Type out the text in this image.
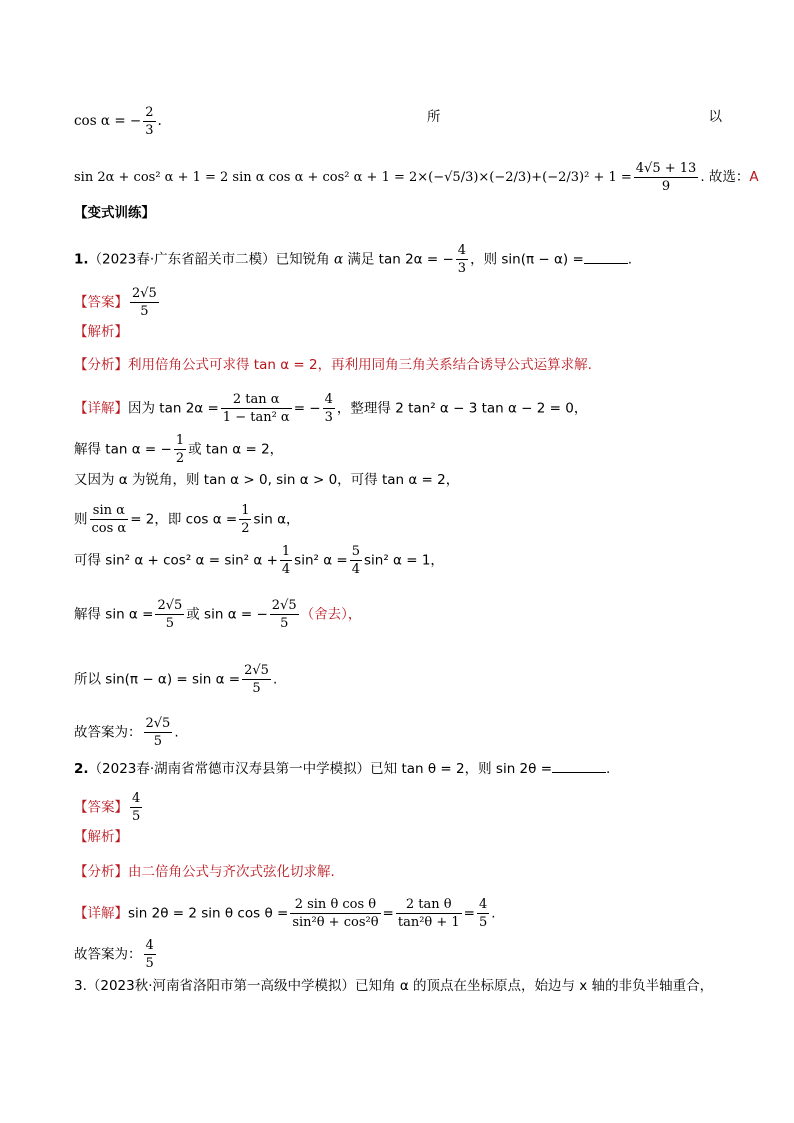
cos α = − $\frac{2}{3}$ .	所	以
sin 2α + cos² α + 1 = 2 sin α cos α + cos² $\alpha + 1 = 2\times(-√5/3)\times(-2/3)+(-2/3)^2 + 1 = \frac{4√5 + 13}{9}$ . 故选：A
【变式训练】
1.（2023春·广东省韶关市二模）已知锐角 α 满足 tan 2α = − $\frac{4}{3}$ ，则 sin(π − α) =	.
【答案】 $\frac{2√5}{5}$
【解析】
【分析】利用倍角公式可求得 tan α = 2，再利用同角三角关系结合诱导公式运算求解.
【详解】因为 $\tan 2\alpha = \frac{\text{2 tan α}}{\text{1 − tan² α}}$ = − $\frac{4}{3}$ ，整理得 2 tan² α − 3 tan α − 2 = 0，
解得 tan α = − $\frac{1}{2}$ 或 tan α = 2，
又因为 α 为锐角，则 tan α > 0, sin α > 0，可得 tan α = 2，
则 $\frac{\text{sin α}}{\text{cos α}} = 2$，即 $\cos \alpha = \frac{1}{2}$ sin α，
可得 sin² α + cos² α = sin² $\alpha + \frac{1}{4} \sin^2$ $\alpha = \frac{5}{4} \sin^2$ α = 1，
解得 $\sin \alpha = \frac{2√5}{5}$ 或 sin α = − $\frac{2√5}{5}$ （舍去），
所以 $\sin(\pi - \alpha) = \sin \alpha = \frac{2√5}{5}$ .
故答案为： $\frac{2√5}{5}$ .
2.（2023春·湖南省常德市汉寿县第一中学模拟）已知 tan θ = 2，则 sin 2θ =	.
【答案】 $\frac{4}{5}$
【解析】
【分析】由二倍角公式与齐次式弦化切求解．
【详解】sin 2θ = 2 sin θ $\cos \theta = \frac{\text{2 sin θ cos θ}}{\text{sin²θ + cos²θ}} = \frac{\text{2 tan θ}}{\text{tan²θ + 1}} = \frac{4}{5}$ .
故答案为： $\frac{4}{5}$
3.（2023秋·河南省洛阳市第一高级中学模拟）已知角 α 的顶点在坐标原点，始边与 x 轴的非负半轴重合，
